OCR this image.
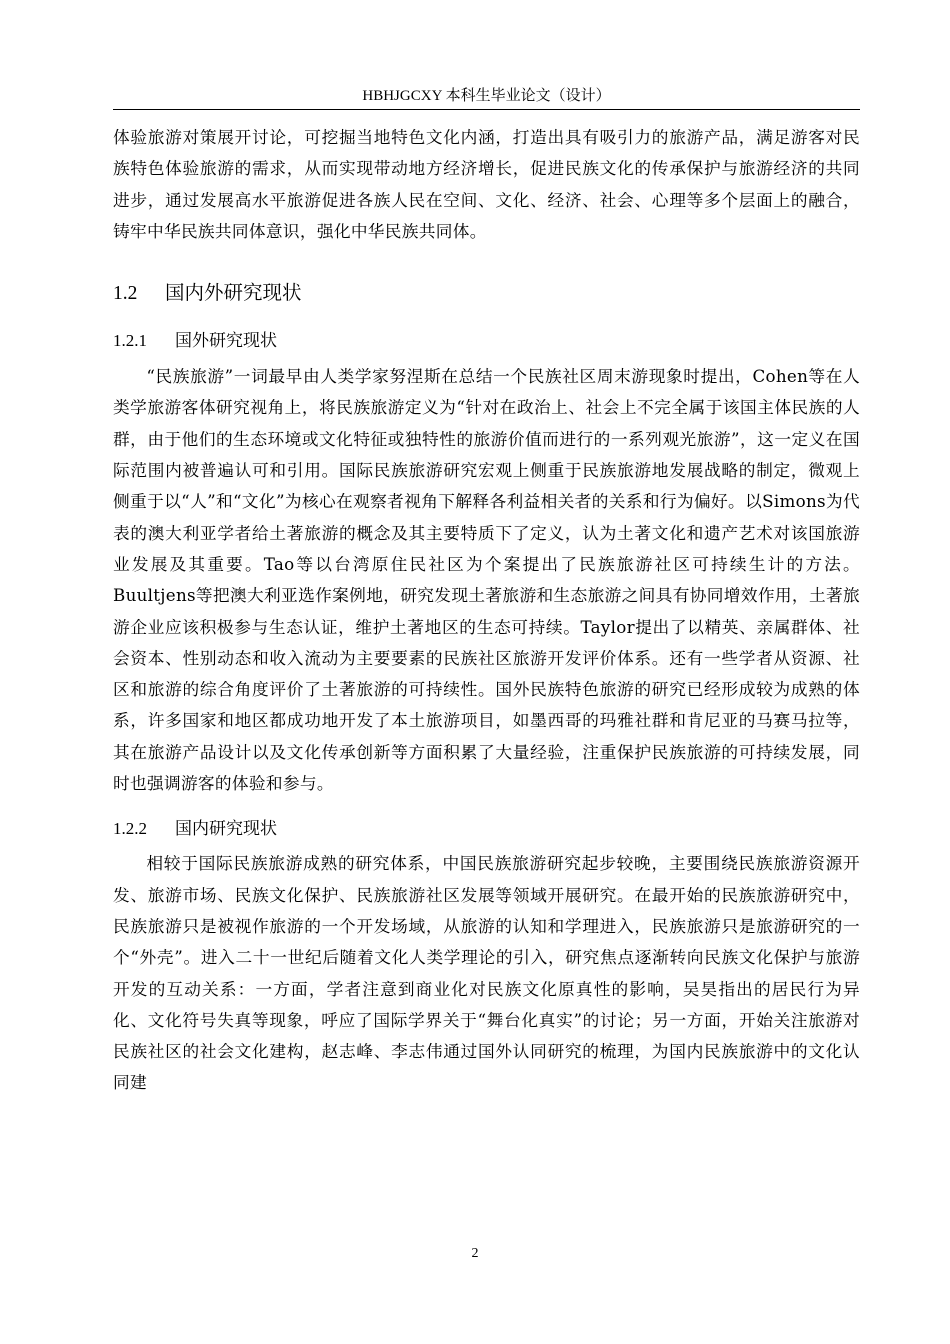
HBHJGCXY 本科生毕业论文（设计）

体验旅游对策展开讨论，可挖掘当地特色文化内涵，打造出具有吸引力的旅游产品，满足游客对民族特色体验旅游的需求，从而实现带动地方经济增长，促进民族文化的传承保护与旅游经济的共同进步，通过发展高水平旅游促进各族人民在空间、文化、经济、社会、心理等多个层面上的融合，铸牢中华民族共同体意识，强化中华民族共同体。

1.2 国内外研究现状
1.2.1 国外研究现状

“民族旅游”一词最早由人类学家努涅斯在总结一个民族社区周末游现象时提出，Cohen等在人类学旅游客体研究视角上，将民族旅游定义为“针对在政治上、社会上不完全属于该国主体民族的人群，由于他们的生态环境或文化特征或独特性的旅游价值而进行的一系列观光旅游”，这一定义在国际范围内被普遍认可和引用。国际民族旅游研究宏观上侧重于民族旅游地发展战略的制定，微观上侧重于以“人”和“文化”为核心在观察者视角下解释各利益相关者的关系和行为偏好。以Simons为代表的澳大利亚学者给土著旅游的概念及其主要特质下了定义，认为土著文化和遗产艺术对该国旅游业发展及其重要。Tao等以台湾原住民社区为个案提出了民族旅游社区可持续生计的方法。Buultjens等把澳大利亚选作案例地，研究发现土著旅游和生态旅游之间具有协同增效作用，土著旅游企业应该积极参与生态认证，维护土著地区的生态可持续。Taylor提出了以精英、亲属群体、社会资本、性别动态和收入流动为主要要素的民族社区旅游开发评价体系。还有一些学者从资源、社区和旅游的综合角度评价了土著旅游的可持续性。国外民族特色旅游的研究已经形成较为成熟的体系，许多国家和地区都成功地开发了本土旅游项目，如墨西哥的玛雅社群和肯尼亚的马赛马拉等，其在旅游产品设计以及文化传承创新等方面积累了大量经验，注重保护民族旅游的可持续发展，同时也强调游客的体验和参与。

1.2.2 国内研究现状

相较于国际民族旅游成熟的研究体系，中国民族旅游研究起步较晚，主要围绕民族旅游资源开发、旅游市场、民族文化保护、民族旅游社区发展等领域开展研究。在最开始的民族旅游研究中，民族旅游只是被视作旅游的一个开发场域，从旅游的认知和学理进入，民族旅游只是旅游研究的一个“外壳”。进入二十一世纪后随着文化人类学理论的引入，研究焦点逐渐转向民族文化保护与旅游开发的互动关系：一方面，学者注意到商业化对民族文化原真性的影响，吴昊指出的居民行为异化、文化符号失真等现象，呼应了国际学界关于“舞台化真实”的讨论；另一方面，开始关注旅游对民族社区的社会文化建构，赵志峰、李志伟通过国外认同研究的梳理，为国内民族旅游中的文化认同建

2
